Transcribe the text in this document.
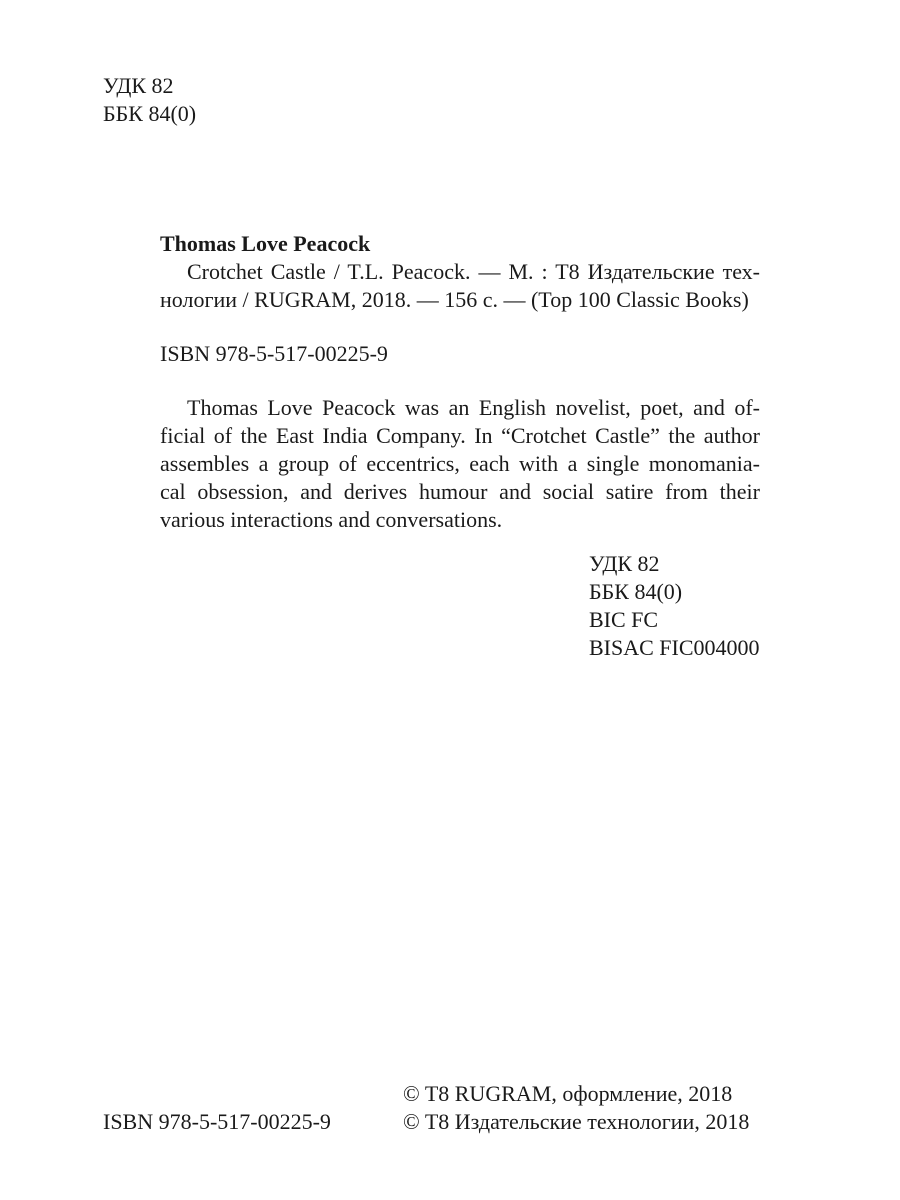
УДК 82
ББК 84(0)
Thomas Love Peacock
Crotchet Castle / T.L. Peacock. — M. : T8 Издательские тех-
нологии / RUGRAM, 2018. — 156 с. — (Top 100 Classic Books)
ISBN 978-5-517-00225-9
Thomas Love Peacock was an English novelist, poet, and of-
ficial of the East India Company. In “Crotchet Castle” the author
assembles a group of eccentrics, each with a single monomania-
cal obsession, and derives humour and social satire from their
various interactions and conversations.
УДК 82
ББК 84(0)
BIC FC
BISAC FIC004000
ISBN 978-5-517-00225-9
© T8 RUGRAM, оформление, 2018
© T8 Издательские технологии, 2018
